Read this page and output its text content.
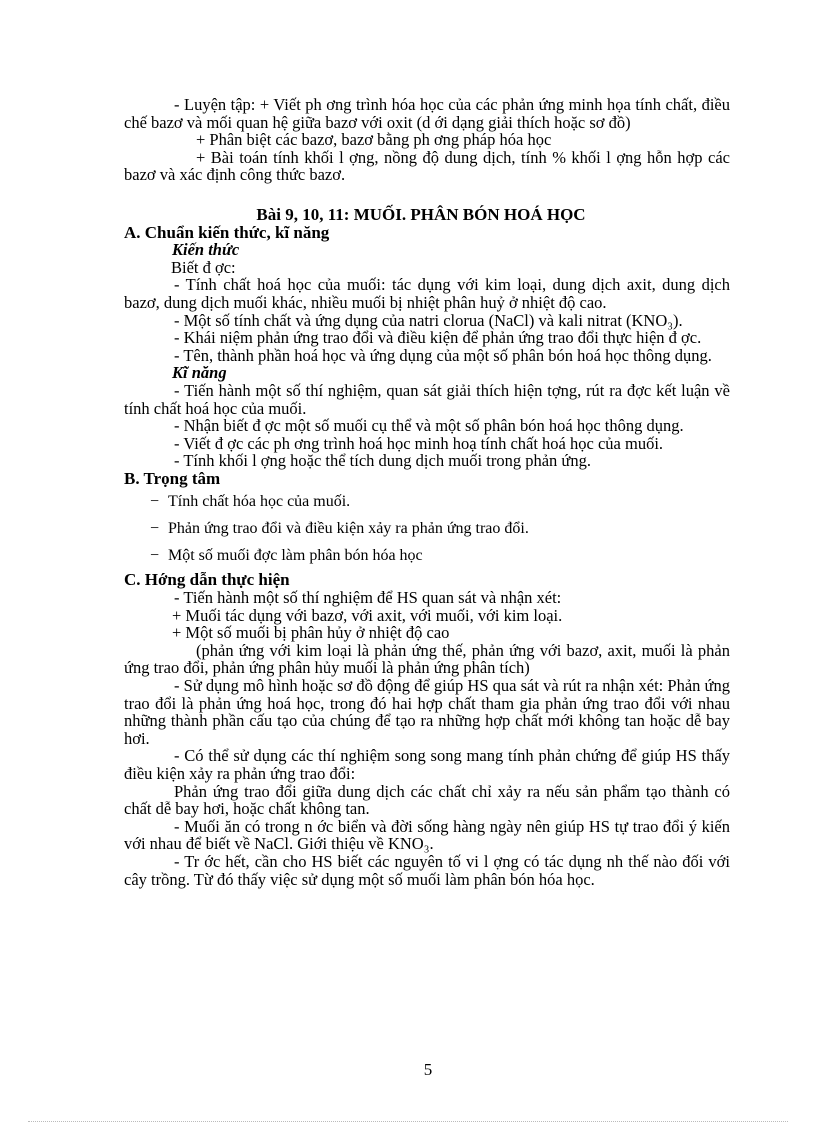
- Luyện tập: + Viết ph ơng trình hóa học của các phản ứng minh họa tính chất, điều chế bazơ và mối quan hệ giữa bazơ với oxit (d ới dạng giải thích hoặc sơ đồ)

+ Phân biệt các bazơ, bazơ bằng ph ơng pháp hóa học

+ Bài toán tính khối l ợng, nồng độ dung dịch, tính % khối l ợng hỗn hợp các bazơ và xác định công thức bazơ.

Bài 9, 10, 11: MUỐI. PHÂN BÓN HOÁ HỌC

A. Chuẩn kiến thức, kĩ năng

Kiến thức

Biết đ ợc:

- Tính chất hoá học của muối: tác dụng với kim loại, dung dịch axit, dung dịch bazơ, dung dịch muối khác, nhiều muối bị nhiệt phân huỷ ở nhiệt độ cao.

- Một số tính chất và ứng dụng của natri clorua (NaCl) và kali nitrat (KNO₃).

- Khái niệm phản ứng trao đổi và điều kiện để phản ứng trao đổi thực hiện đ ợc.

- Tên, thành phần hoá học và ứng dụng của một số phân bón hoá học thông dụng.

Kĩ năng

- Tiến hành một số thí nghiệm, quan sát giải thích hiện tợng, rút ra đợc kết luận về tính chất hoá học của muối.

- Nhận biết đ ợc một số muối cụ thể và một số phân bón hoá học thông dụng.

- Viết đ ợc các ph ơng trình hoá học minh hoạ tính chất hoá học của muối.

- Tính khối l ợng hoặc thể tích dung dịch muối trong phản ứng.

B. Trọng tâm

− Tính chất hóa học của muối.

− Phản ứng trao đổi và điều kiện xảy ra phản ứng trao đổi.

− Một số muối đợc làm phân bón hóa học

C. Hớng dẫn thực hiện

- Tiến hành một số thí nghiệm để HS quan sát và nhận xét:

+ Muối tác dụng với bazơ, với axit, với muối, với kim loại.

+ Một số muối bị phân hủy ở nhiệt độ cao

(phản ứng với kim loại là phản ứng thế, phản ứng với bazơ, axit, muối là phản ứng trao đổi, phản ứng phân hủy muối là phản ứng phân tích)

- Sử dụng mô hình hoặc sơ đồ động để giúp HS qua sát và rút ra nhận xét: Phản ứng trao đổi là phản ứng hoá học, trong đó hai hợp chất tham gia phản ứng trao đổi với nhau những thành phần cấu tạo của chúng để tạo ra những hợp chất mới không tan hoặc dễ bay hơi.

- Có thể sử dụng các thí nghiệm song song mang tính phản chứng để giúp HS thấy điều kiện xảy ra phản ứng trao đổi:

Phản ứng trao đổi giữa dung dịch các chất chỉ xảy ra nếu sản phẩm tạo thành có chất dễ bay hơi, hoặc chất không tan.

- Muối ăn có trong n ớc biển và đời sống hàng ngày nên giúp HS tự trao đổi ý kiến với nhau để biết về NaCl. Giới thiệu về KNO₃.

- Tr ớc hết, cần cho HS biết các nguyên tố vi l ợng có tác dụng nh thế nào đối với cây trồng. Từ đó thấy việc sử dụng một số muối làm phân bón hóa học.

5
